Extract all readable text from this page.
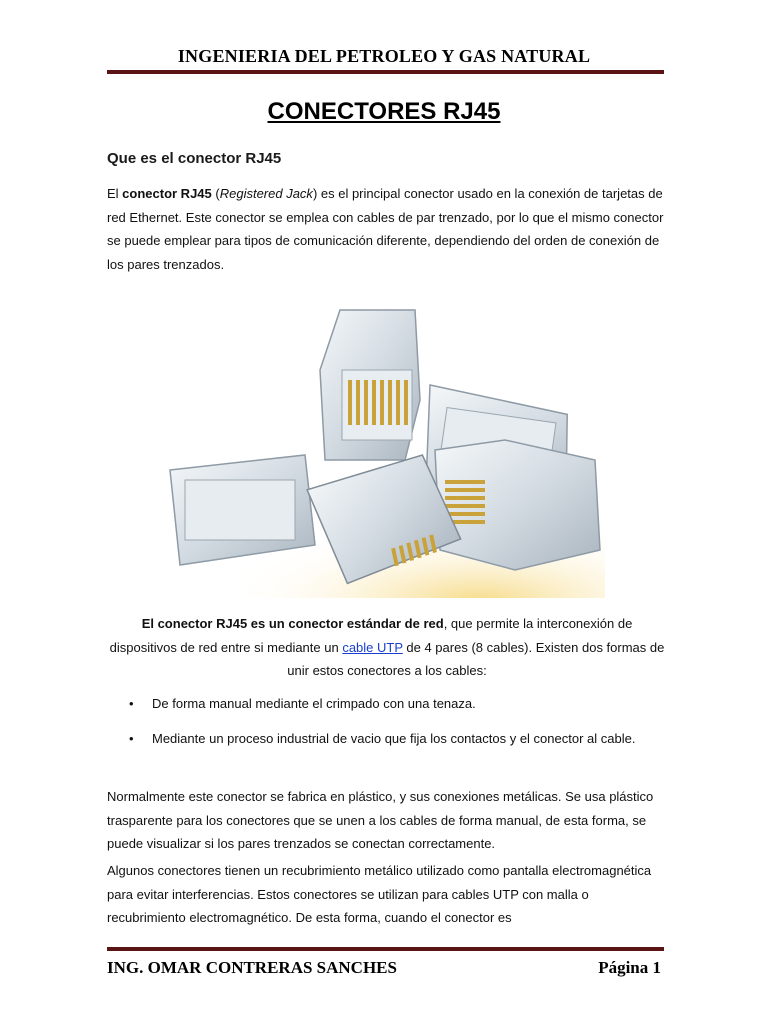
INGENIERIA DEL PETROLEO Y GAS NATURAL
CONECTORES RJ45
Que es el conector RJ45
El conector RJ45 (Registered Jack) es el principal conector usado en la conexión de tarjetas de red Ethernet. Este conector se emplea con cables de par trenzado, por lo que el mismo conector se puede emplear para tipos de comunicación diferente, dependiendo del orden de conexión de los pares trenzados.
El conector RJ45 es un conector estándar de red, que permite la interconexión de dispositivos de red entre si mediante un cable UTP de 4 pares (8 cables). Existen dos formas de unir estos conectores a los cables:
• De forma manual mediante el crimpado con una tenaza.
• Mediante un proceso industrial de vacio que fija los contactos y el conector al cable.
Normalmente este conector se fabrica en plástico, y sus conexiones metálicas. Se usa plástico trasparente para los conectores que se unen a los cables de forma manual, de esta forma, se puede visualizar si los pares trenzados se conectan correctamente.
Algunos conectores tienen un recubrimiento metálico utilizado como pantalla electromagnética para evitar interferencias. Estos conectores se utilizan para cables UTP con malla o recubrimiento electromagnético. De esta forma, cuando el conector es
ING. OMAR CONTRERAS SANCHES	Página 1
